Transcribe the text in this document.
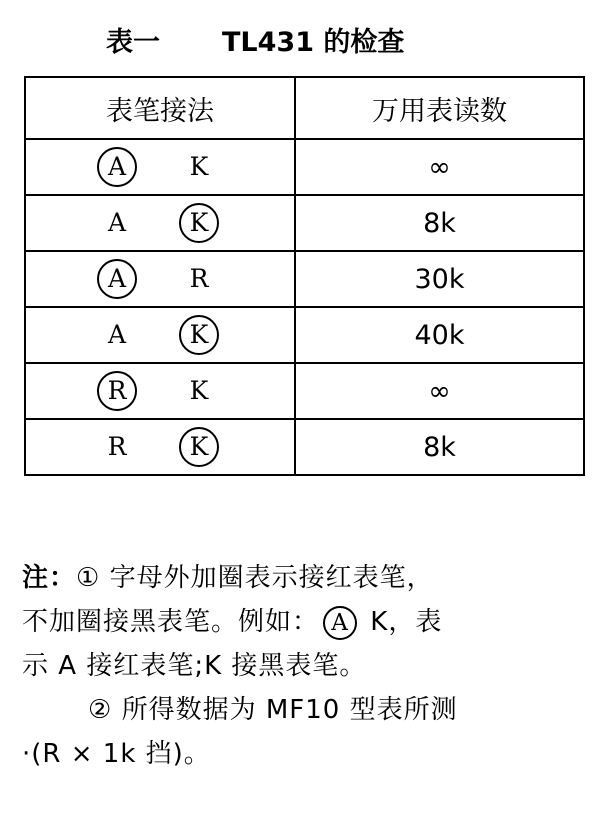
表一 TL431 的检查
表笔接法	万用表读数

A K	∞

A K	8k

A R	30k

A K	40k

R K	∞

R K	8k
注：① 字母外加圈表示接红表笔，
不加圈接黑表笔。例如： A K，表
示 A 接红表笔;K 接黑表笔。
② 所得数据为 MF10 型表所测
·(R × 1k 挡)。
